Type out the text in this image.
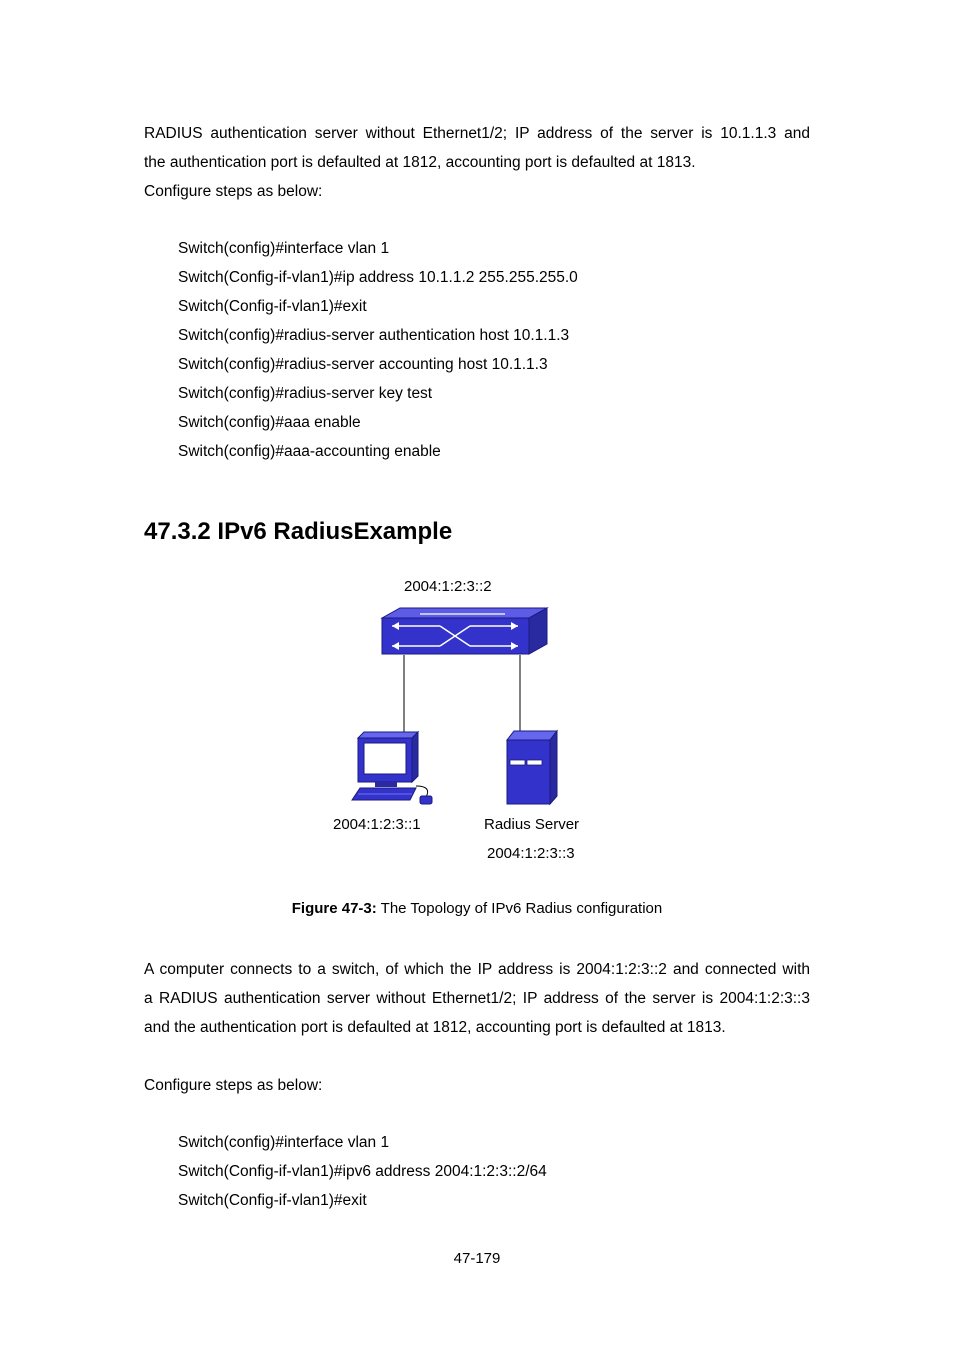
RADIUS authentication server without Ethernet1/2; IP address of the server is 10.1.1.3 and
the authentication port is defaulted at 1812, accounting port is defaulted at 1813.
Configure steps as below:
Switch(config)#interface vlan 1
Switch(Config-if-vlan1)#ip address 10.1.1.2 255.255.255.0
Switch(Config-if-vlan1)#exit
Switch(config)#radius-server authentication host 10.1.1.3
Switch(config)#radius-server accounting host 10.1.1.3
Switch(config)#radius-server key test
Switch(config)#aaa enable
Switch(config)#aaa-accounting enable
47.3.2 IPv6 RadiusExample
2004:1:2:3::2
2004:1:2:3::1	Radius Server
2004:1:2:3::3
Figure 47-3: The Topology of IPv6 Radius configuration
A computer connects to a switch, of which the IP address is 2004:1:2:3::2 and connected with
a RADIUS authentication server without Ethernet1/2; IP address of the server is 2004:1:2:3::3
and the authentication port is defaulted at 1812, accounting port is defaulted at 1813.
Configure steps as below:
Switch(config)#interface vlan 1
Switch(Config-if-vlan1)#ipv6 address 2004:1:2:3::2/64
Switch(Config-if-vlan1)#exit
47-179
